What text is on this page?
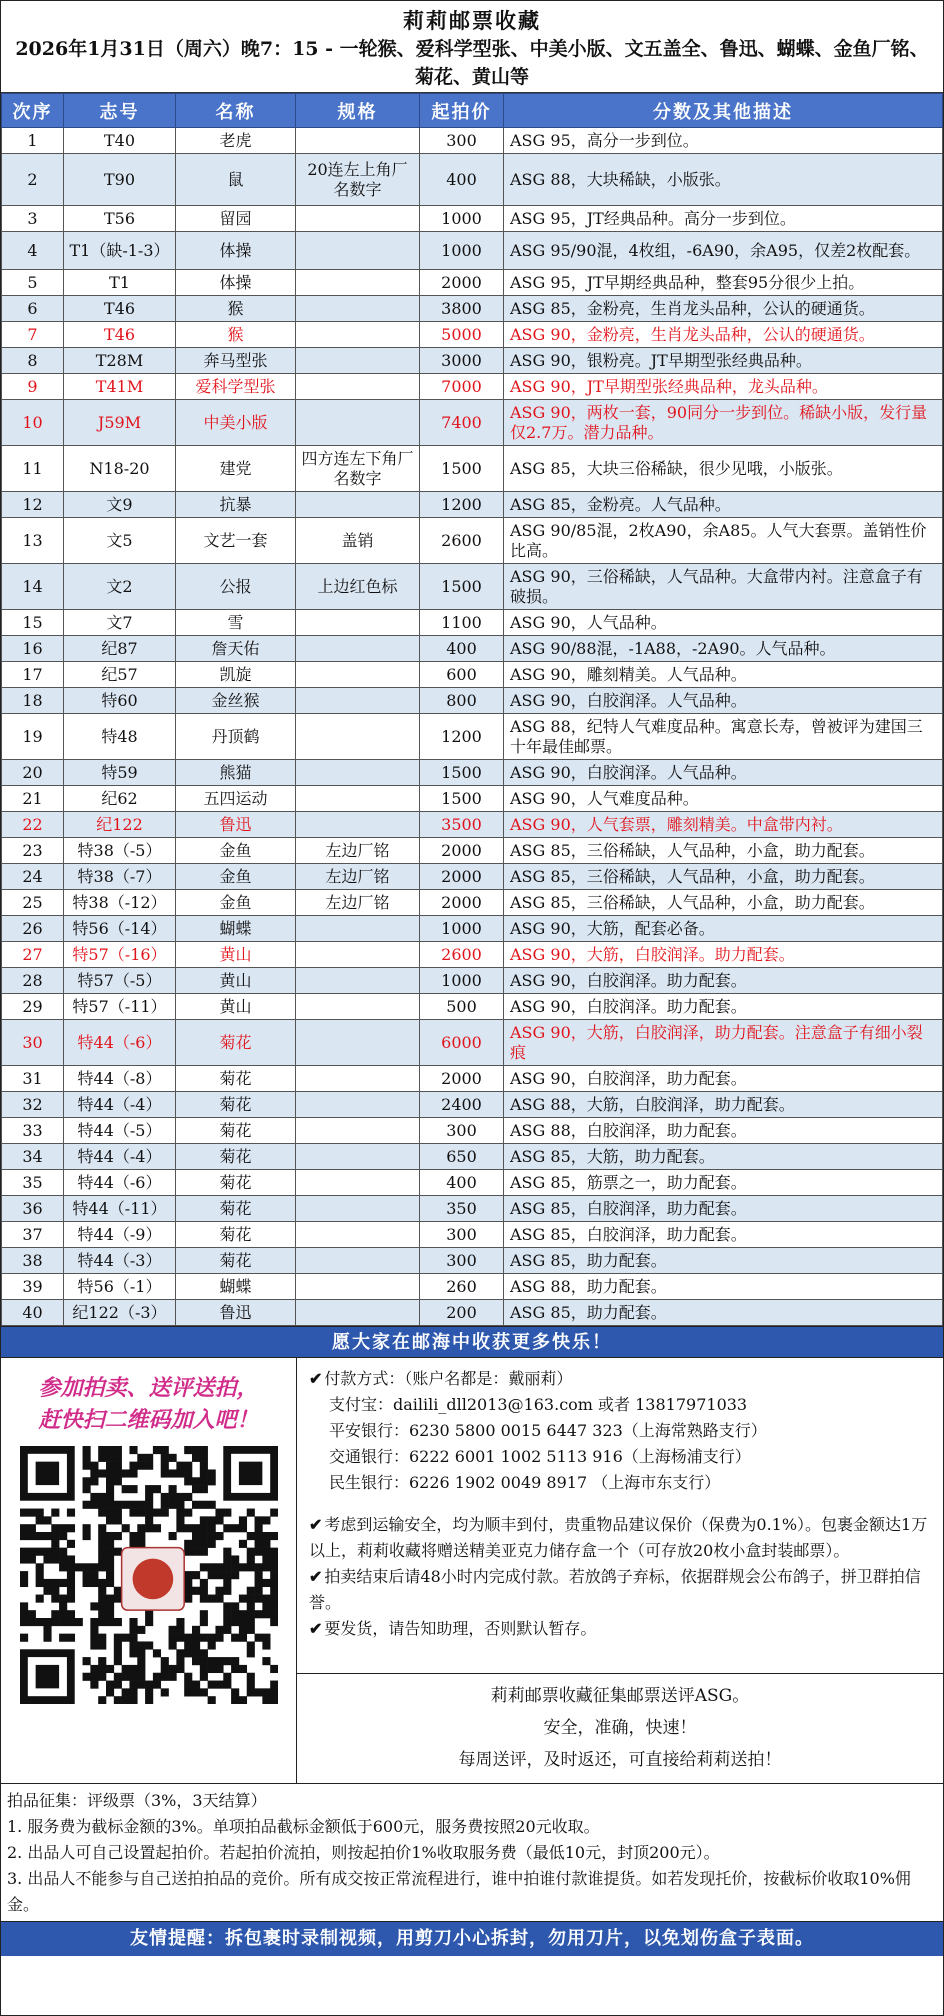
莉莉邮票收藏
2026年1月31日（周六）晚7：15 - 一轮猴、爱科学型张、中美小版、文五盖全、鲁迅、蝴蝶、金鱼厂铭、菊花、黄山等
次序	志号	名称	规格	起拍价	分数及其他描述
1	T40	老虎		300	ASG 95，高分一步到位。
2	T90	鼠	20连左上角厂名数字	400	ASG 88，大块稀缺，小版张。
3	T56	留园		1000	ASG 95，JT经典品种。高分一步到位。
4	T1（缺-1-3）	体操		1000	ASG 95/90混，4枚组，-6A90，余A95，仅差2枚配套。
5	T1	体操		2000	ASG 95，JT早期经典品种，整套95分很少上拍。
6	T46	猴		3800	ASG 85，金粉亮，生肖龙头品种，公认的硬通货。
7	T46	猴		5000	ASG 90，金粉亮，生肖龙头品种，公认的硬通货。
8	T28M	奔马型张		3000	ASG 90，银粉亮。JT早期型张经典品种。
9	T41M	爱科学型张		7000	ASG 90，JT早期型张经典品种，龙头品种。
10	J59M	中美小版		7400	ASG 90，两枚一套，90同分一步到位。稀缺小版，发行量仅2.7万。潜力品种。
11	N18-20	建党	四方连左下角厂名数字	1500	ASG 85，大块三俗稀缺，很少见哦，小版张。
12	文9	抗暴		1200	ASG 85，金粉亮。人气品种。
13	文5	文艺一套	盖销	2600	ASG 90/85混，2枚A90，余A85。人气大套票。盖销性价比高。
14	文2	公报	上边红色标	1500	ASG 90，三俗稀缺，人气品种。大盒带内衬。注意盒子有破损。
15	文7	雪		1100	ASG 90，人气品种。
16	纪87	詹天佑		400	ASG 90/88混，-1A88，-2A90。人气品种。
17	纪57	凯旋		600	ASG 90，雕刻精美。人气品种。
18	特60	金丝猴		800	ASG 90，白胶润泽。人气品种。
19	特48	丹顶鹤		1200	ASG 88，纪特人气难度品种。寓意长寿，曾被评为建国三十年最佳邮票。
20	特59	熊猫		1500	ASG 90，白胶润泽。人气品种。
21	纪62	五四运动		1500	ASG 90，人气难度品种。
22	纪122	鲁迅		3500	ASG 90，人气套票，雕刻精美。中盒带内衬。
23	特38（-5）	金鱼	左边厂铭	2000	ASG 85，三俗稀缺，人气品种，小盒，助力配套。
24	特38（-7）	金鱼	左边厂铭	2000	ASG 85，三俗稀缺，人气品种，小盒，助力配套。
25	特38（-12）	金鱼	左边厂铭	2000	ASG 85，三俗稀缺，人气品种，小盒，助力配套。
26	特56（-14）	蝴蝶		1000	ASG 90，大筋，配套必备。
27	特57（-16）	黄山		2600	ASG 90，大筋，白胶润泽。助力配套。
28	特57（-5）	黄山		1000	ASG 90，白胶润泽。助力配套。
29	特57（-11）	黄山		500	ASG 90，白胶润泽。助力配套。
30	特44（-6）	菊花		6000	ASG 90，大筋，白胶润泽，助力配套。注意盒子有细小裂痕
31	特44（-8）	菊花		2000	ASG 90，白胶润泽，助力配套。
32	特44（-4）	菊花		2400	ASG 88，大筋，白胶润泽，助力配套。
33	特44（-5）	菊花		300	ASG 88，白胶润泽，助力配套。
34	特44（-4）	菊花		650	ASG 85，大筋，助力配套。
35	特44（-6）	菊花		400	ASG 85，筋票之一，助力配套。
36	特44（-11）	菊花		350	ASG 85，白胶润泽，助力配套。
37	特44（-9）	菊花		300	ASG 85，白胶润泽，助力配套。
38	特44（-3）	菊花		300	ASG 85，助力配套。
39	特56（-1）	蝴蝶		260	ASG 88，助力配套。
40	纪122（-3）	鲁迅		200	ASG 85，助力配套。
愿大家在邮海中收获更多快乐！
参加拍卖、送评送拍，
赶快扫二维码加入吧！
✔ 付款方式：（账户名都是：戴丽莉）
支付宝：dailili_dll2013@163.com 或者 13817971033
平安银行：6230 5800 0015 6447 323（上海常熟路支行）
交通银行：6222 6001 1002 5113 916（上海杨浦支行）
民生银行：6226 1902 0049 8917 （上海市东支行）
✔ 考虑到运输安全，均为顺丰到付，贵重物品建议保价（保费为0.1%）。包裹金额达1万以上，莉莉收藏将赠送精美亚克力储存盒一个（可存放20枚小盒封装邮票）。
✔ 拍卖结束后请48小时内完成付款。若放鸽子弃标，依据群规会公布鸽子，拼卫群拍信誉。
✔ 要发货，请告知助理，否则默认暂存。
莉莉邮票收藏征集邮票送评ASG。
安全，准确，快速！
每周送评，及时返还，可直接给莉莉送拍！
拍品征集：评级票（3%，3天结算）
1. 服务费为截标金额的3%。单项拍品截标金额低于600元，服务费按照20元收取。
2. 出品人可自己设置起拍价。若起拍价流拍，则按起拍价1%收取服务费（最低10元，封顶200元）。
3. 出品人不能参与自己送拍拍品的竞价。所有成交按正常流程进行，谁中拍谁付款谁提货。如若发现托价，按截标价收取10%佣金。
友情提醒：拆包裹时录制视频，用剪刀小心拆封，勿用刀片，以免划伤盒子表面。
